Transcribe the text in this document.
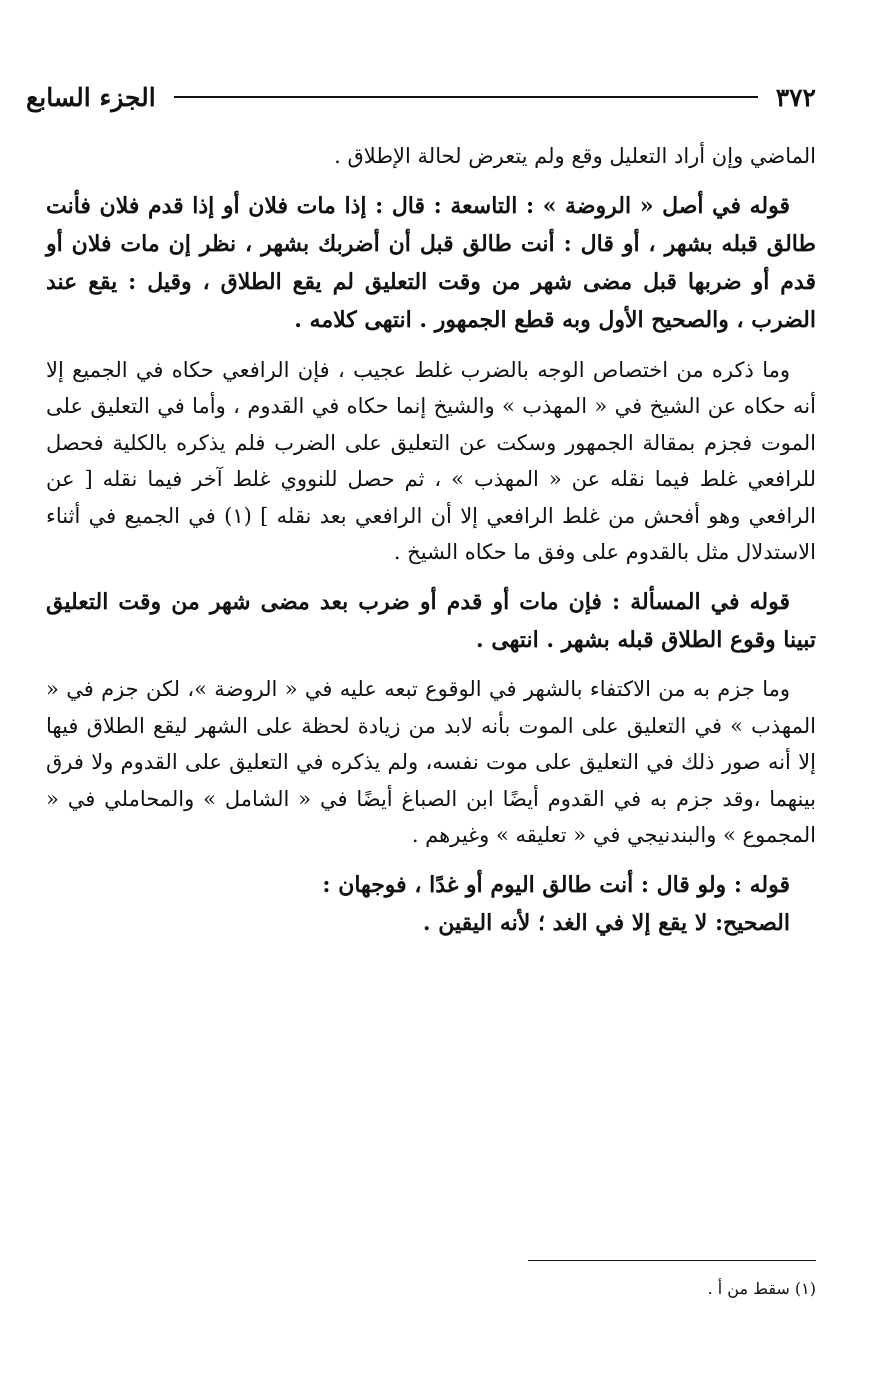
٣٧٢
الجزء السابع

الماضي وإن أراد التعليل وقع ولم يتعرض لحالة الإطلاق .

قوله في أصل « الروضة » : التاسعة : قال : إذا مات فلان أو إذا قدم فلان فأنت طالق قبله بشهر ، أو قال : أنت طالق قبل أن أضربك بشهر ، نظر إن مات فلان أو قدم أو ضربها قبل مضى شهر من وقت التعليق لم يقع الطلاق ، وقيل : يقع عند الضرب ، والصحيح الأول وبه قطع الجمهور . انتهى كلامه .

وما ذكره من اختصاص الوجه بالضرب غلط عجيب ، فإن الرافعي حكاه في الجميع إلا أنه حكاه عن الشيخ في « المهذب » والشيخ إنما حكاه في القدوم ، وأما في التعليق على الموت فجزم بمقالة الجمهور وسكت عن التعليق على الضرب فلم يذكره بالكلية فحصل للرافعي غلط فيما نقله عن « المهذب » ، ثم حصل للنووي غلط آخر فيما نقله [ عن الرافعي وهو أفحش من غلط الرافعي إلا أن الرافعي بعد نقله ] (١) في الجميع في أثناء الاستدلال مثل بالقدوم على وفق ما حكاه الشيخ .

قوله في المسألة : فإن مات أو قدم أو ضرب بعد مضى شهر من وقت التعليق تبينا وقوع الطلاق قبله بشهر . انتهى .

وما جزم به من الاكتفاء بالشهر في الوقوع تبعه عليه في « الروضة »، لكن جزم في « المهذب » في التعليق على الموت بأنه لابد من زيادة لحظة على الشهر ليقع الطلاق فيها إلا أنه صور ذلك في التعليق على موت نفسه، ولم يذكره في التعليق على القدوم ولا فرق بينهما ،وقد جزم به في القدوم أيضًا ابن الصباغ أيضًا في « الشامل » والمحاملي في « المجموع » والبندنيجي في « تعليقه » وغيرهم .

قوله : ولو قال : أنت طالق اليوم أو غدًا ، فوجهان :

الصحيح: لا يقع إلا في الغد ؛ لأنه اليقين .

(١) سقط من أ .
